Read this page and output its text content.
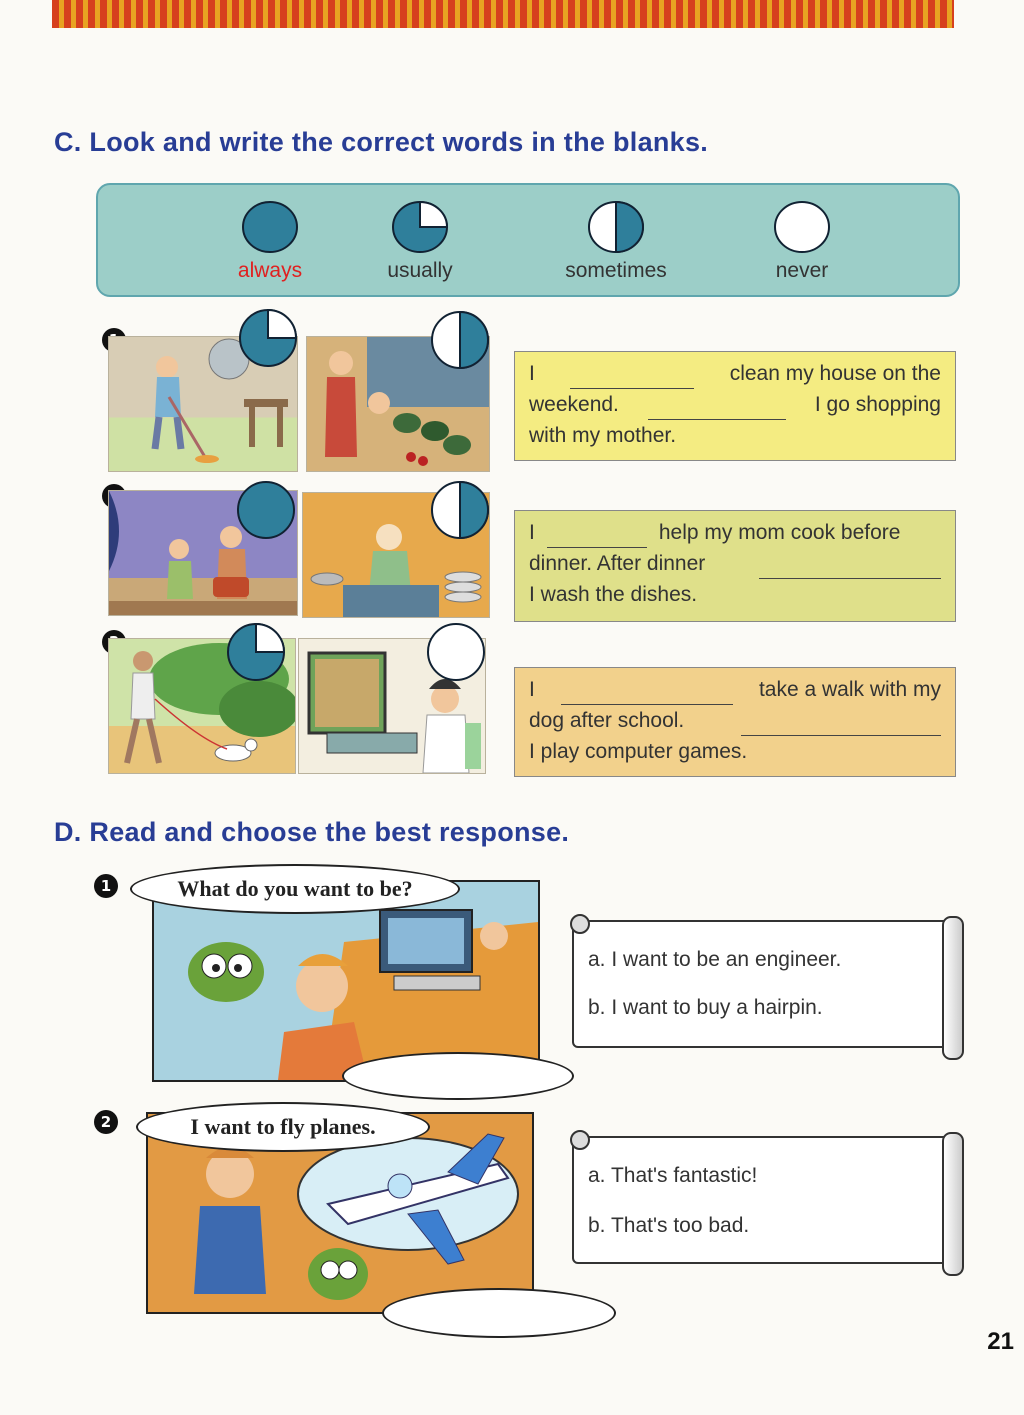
C. Look and write the correct words in the blanks.
always	usually	sometimes	never
I	clean my house on the
weekend.	I go shopping
with my mother.
I	help my mom cook before
dinner. After dinner
I wash the dishes.
I	take a walk with my
dog after school.
I play computer games.
D. Read and choose the best response.
1	What do you want to be?
a. I want to be an engineer.
b. I want to buy a hairpin.
2	I want to fly planes.
a. That's fantastic!
b. That's too bad.
21
